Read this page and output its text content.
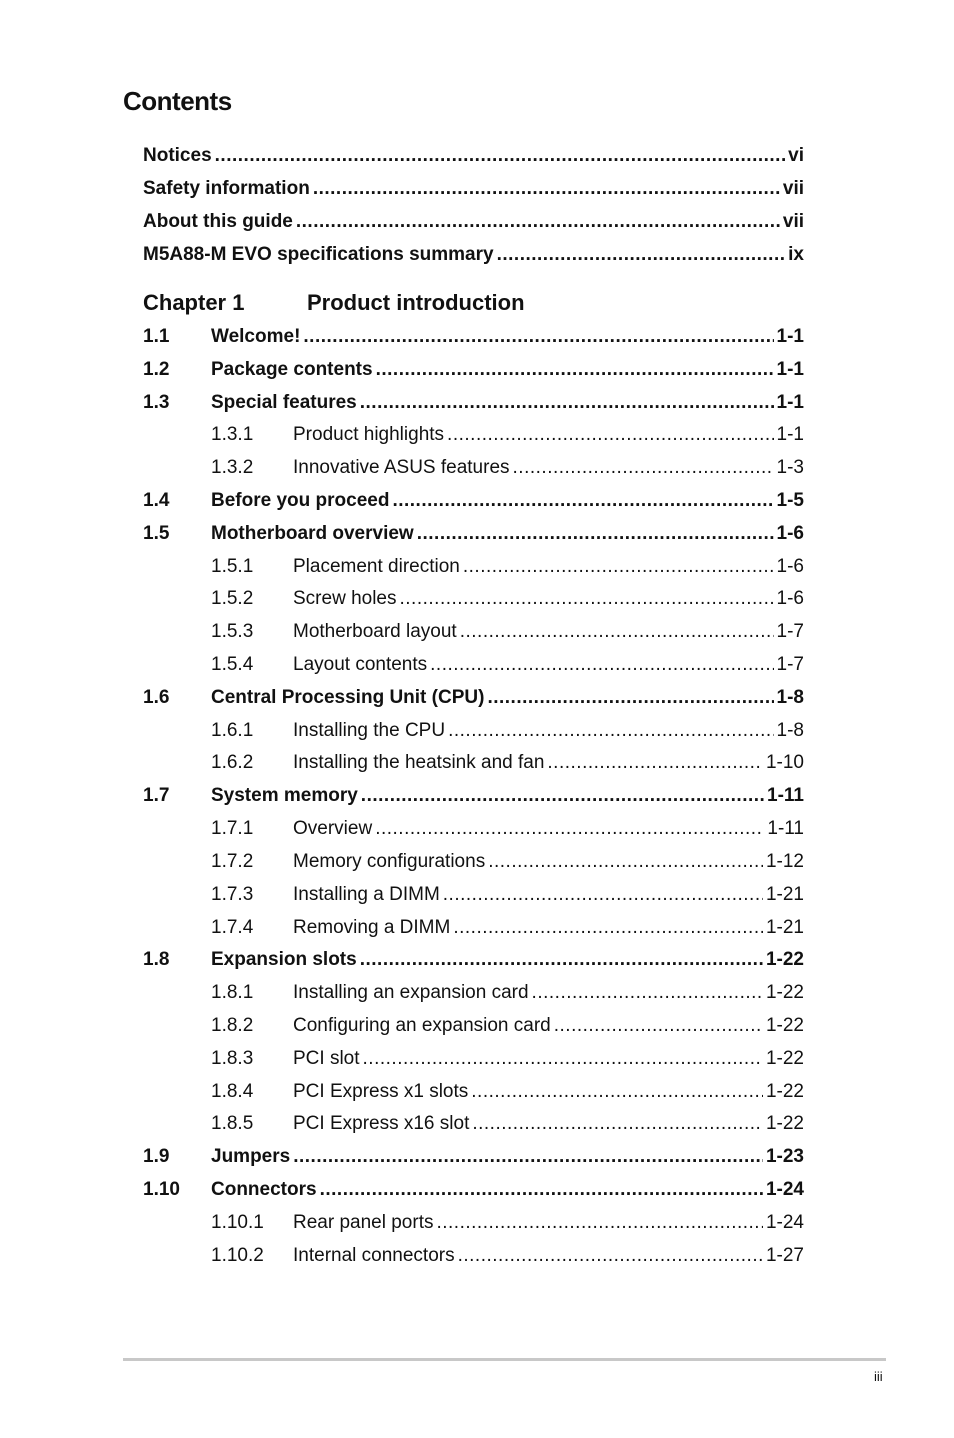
Contents
Notices .....	vi
Safety information .....	vii
About this guide .....	vii
M5A88-M EVO specifications summary .....	ix
Chapter 1	Product introduction
1.1	Welcome! .....	1-1
1.2	Package contents .....	1-1
1.3	Special features .....	1-1
1.3.1	Product highlights .....	1-1
1.3.2	Innovative ASUS features .....	1-3
1.4	Before you proceed .....	1-5
1.5	Motherboard overview .....	1-6
1.5.1	Placement direction .....	1-6
1.5.2	Screw holes .....	1-6
1.5.3	Motherboard layout .....	1-7
1.5.4	Layout contents .....	1-7
1.6	Central Processing Unit (CPU) .....	1-8
1.6.1	Installing the CPU .....	1-8
1.6.2	Installing the heatsink and fan .....	1-10
1.7	System memory .....	1-11
1.7.1	Overview .....	1-11
1.7.2	Memory configurations .....	1-12
1.7.3	Installing a DIMM .....	1-21
1.7.4	Removing a DIMM .....	1-21
1.8	Expansion slots .....	1-22
1.8.1	Installing an expansion card .....	1-22
1.8.2	Configuring an expansion card .....	1-22
1.8.3	PCI slot .....	1-22
1.8.4	PCI Express x1 slots .....	1-22
1.8.5	PCI Express x16 slot .....	1-22
1.9	Jumpers .....	1-23
1.10	Connectors .....	1-24
1.10.1	Rear panel ports .....	1-24
1.10.2	Internal connectors .....	1-27
iii
